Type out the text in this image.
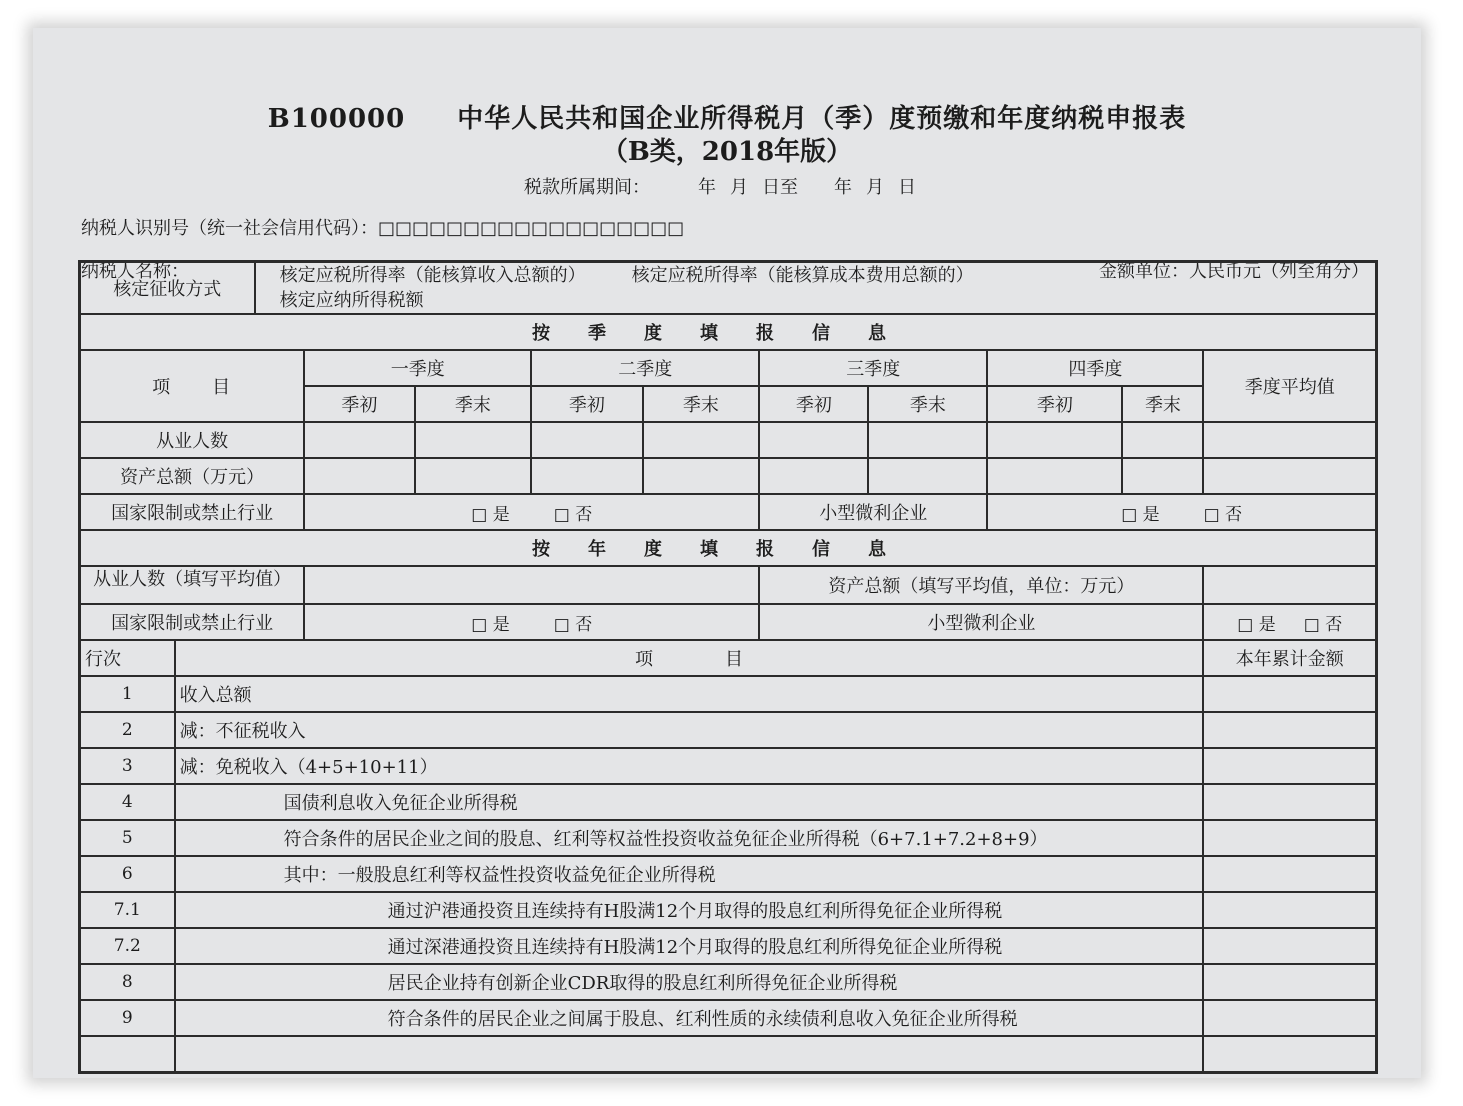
B100000 中华人民共和国企业所得税月（季）度预缴和年度纳税申报表
（B类，2018年版）
税款所属期间：	年 月 日至 年 月 日
纳税人识别号（统一社会信用代码）：□□□□□□□□□□□□□□□□□□
纳税人名称：	金额单位：人民币元（列至角分）
核定征收方式		核定应税所得率（能核算收入总额的） 核定应税所得率（能核算成本费用总额的）
核定应纳所得税额									
按季度填报信息											
项　　目			一季度		二季度		三季度		四季度		季度平均值
			季初	季末	季初	季末	季初	季末	季初	季末	
从业人数											
资产总额（万元）											
国家限制或禁止行业			□ 是 □ 否				小型微利企业		□ 是 □ 否		
按年度填报信息											
从业人数（填写平均值）							资产总额（填写平均值，单位：万元）				
国家限制或禁止行业			□ 是 □ 否				小型微利企业				□ 是 □ 否
行次	项　　　　目										本年累计金额
1	收入总额										
2	减：不征税收入										
3	减：免税收入（4+5+10+11）										
4	国债利息收入免征企业所得税										
5	符合条件的居民企业之间的股息、红利等权益性投资收益免征企业所得税（6+7.1+7.2+8+9）										
6	其中：一般股息红利等权益性投资收益免征企业所得税										
7.1	通过沪港通投资且连续持有H股满12个月取得的股息红利所得免征企业所得税										
7.2	通过深港通投资且连续持有H股满12个月取得的股息红利所得免征企业所得税										
8	居民企业持有创新企业CDR取得的股息红利所得免征企业所得税										
9	符合条件的居民企业之间属于股息、红利性质的永续债利息收入免征企业所得税										
